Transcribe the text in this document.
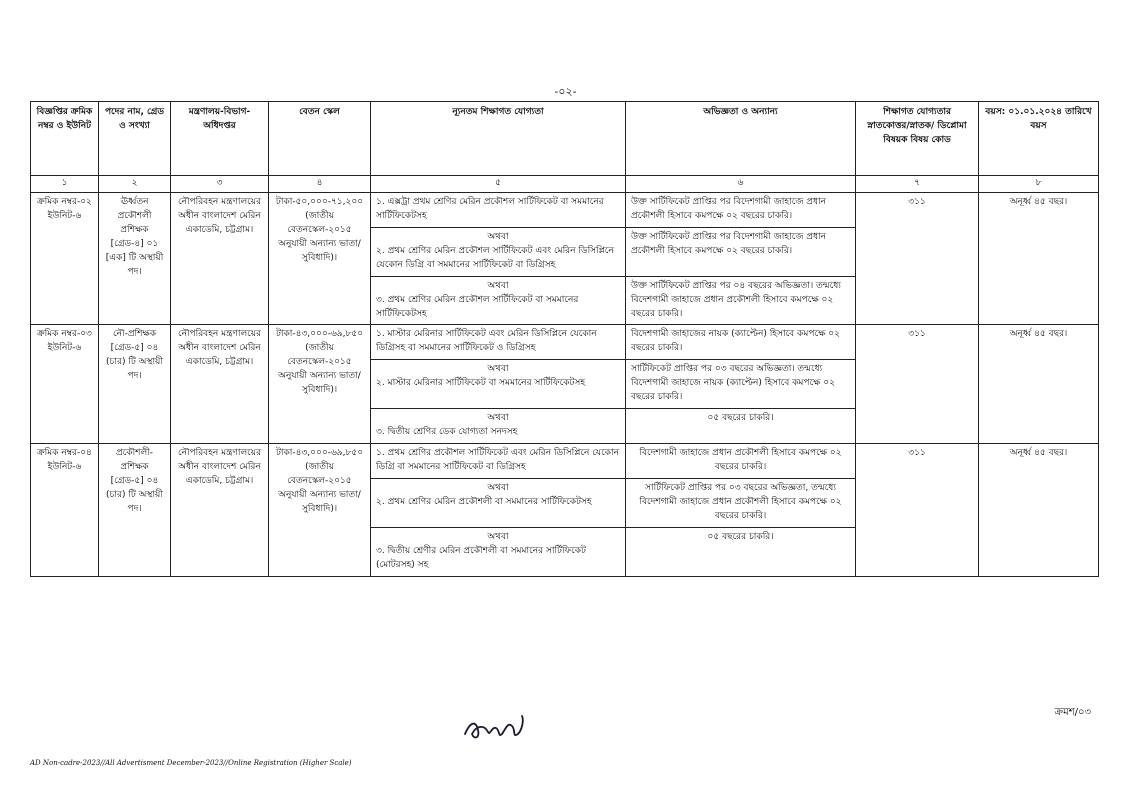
-০২-
বিজ্ঞপ্তির ক্রমিক নম্বর ও ইউনিট	পদের নাম, গ্রেড ও সংখ্যা	মন্ত্রণালয়-বিভাগ-অধিদপ্তর	বেতন স্কেল	ন্যূনতম শিক্ষাগত যোগ্যতা	অভিজ্ঞতা ও অন্যান্য	শিক্ষাগত যোগ্যতার স্নাতকোত্তর/স্নাতক/ ডিপ্লোমা বিষয়ক বিষয় কোড	বয়স: ০১.০১.২০২৪ তারিখে বয়স
১	২	৩	৪	৫	৬	৭	৮
ক্রমিক নম্বর-০২ ইউনিট-৬	ঊর্ধ্বতন প্রকৌশলী প্রশিক্ষক [গ্রেড-৪] ০১ [এক] টি অস্থায়ী পদ।	নৌপরিবহন মন্ত্রণালয়ের অধীন বাংলাদেশ মেরিন একাডেমি, চট্টগ্রাম।	টাকা-৫০,০০০-৭১,২০০ (জাতীয় বেতনস্কেল-২০১৫ অনুযায়ী অন্যান্য ভাতা/সুবিধাদি)।	১. এক্সট্রা প্রথম শ্রেণির মেরিন প্রকৌশল সার্টিফিকেট বা সমমানের সার্টিফিকেটসহ	উক্ত সার্টিফিকেট প্রাপ্তির পর বিদেশগামী জাহাজে প্রধান প্রকৌশলী হিসাবে কমপক্ষে ০২ বছরের চাকরি।	৩১১	অনূর্ধ্ব ৪৫ বছর।

				অথবা
২. প্রথম শ্রেণির মেরিন প্রকৌশল সার্টিফিকেট এবং মেরিন ডিসিপ্লিনে যেকোন ডিগ্রি বা সমমানের সার্টিফিকেট বা ডিগ্রিসহ	উক্ত সার্টিফিকেট প্রাপ্তির পর বিদেশগামী জাহাজে প্রধান প্রকৌশলী হিসাবে কমপক্ষে ০২ বছরের চাকরি।		

				অথবা
৩. প্রথম শ্রেণির মেরিন প্রকৌশল সার্টিফিকেট বা সমমানের সার্টিফিকেটসহ	উক্ত সার্টিফিকেট প্রাপ্তির পর ০৪ বছরের অভিজ্ঞতা। তন্মধ্যে বিদেশগামী জাহাজে প্রধান প্রকৌশলী হিসাবে কমপক্ষে ০২ বছরের চাকরি।		
ক্রমিক নম্বর-০৩ ইউনিট-৬	নৌ-প্রশিক্ষক [গ্রেড-৫] ০৪ (চার) টি অস্থায়ী পদ।	নৌপরিবহন মন্ত্রণালয়ের অধীন বাংলাদেশ মেরিন একাডেমি, চট্টগ্রাম।	টাকা-৪৩,০০০-৬৯,৮৫০ (জাতীয় বেতনস্কেল-২০১৫ অনুযায়ী অন্যান্য ভাতা/সুবিধাদি)।	১. মাস্টার মেরিনার সার্টিফিকেট এবং মেরিন ডিসিপ্লিনে যেকোন ডিগ্রিসহ বা সমমানের সার্টিফিকেট ও ডিগ্রিসহ	বিদেশগামী জাহাজের নায়ক (ক্যাপ্টেন) হিসাবে কমপক্ষে ০২ বছরের চাকরি।	৩১১	অনূর্ধ্ব ৪৫ বছর।

				অথবা
২. মাস্টার মেরিনার সার্টিফিকেট বা সমমানের সার্টিফিকেটসহ	সার্টিফিকেট প্রাপ্তির পর ০৩ বছরের অভিজ্ঞতা। তন্মধ্যে বিদেশগামী জাহাজে নায়ক (ক্যাপ্টেন) হিসাবে কমপক্ষে ০২ বছরের চাকরি।		

				অথবা
৩. দ্বিতীয় শ্রেণির ডেক যোগ্যতা সনদসহ	০৫ বছরের চাকরি।		
ক্রমিক নম্বর-০৪ ইউনিট-৬	প্রকৌশলী-প্রশিক্ষক [গ্রেড-৫] ০৪ (চার) টি অস্থায়ী পদ।	নৌপরিবহন মন্ত্রণালয়ের অধীন বাংলাদেশ মেরিন একাডেমি, চট্টগ্রাম।	টাকা-৪৩,০০০-৬৯,৮৫০ (জাতীয় বেতনস্কেল-২০১৫ অনুযায়ী অন্যান্য ভাতা/সুবিধাদি)।	১. প্রথম শ্রেণির প্রকৌশল সার্টিফিকেট এবং মেরিন ডিসিপ্লিনে যেকোন ডিগ্রি বা সমমানের সার্টিফিকেট বা ডিগ্রিসহ	বিদেশগামী জাহাজে প্রধান প্রকৌশলী হিসাবে কমপক্ষে ০২ বছরের চাকরি।	৩১১	অনূর্ধ্ব ৪৫ বছর।

				অথবা
২. প্রথম শ্রেণির মেরিন প্রকৌশলী বা সমমানের সার্টিফিকেটসহ	সার্টিফিকেট প্রাপ্তির পর ০৩ বছরের অভিজ্ঞতা, তন্মধ্যে বিদেশগামী জাহাজে প্রধান প্রকৌশলী হিসাবে কমপক্ষে ০২ বছরের চাকরি।		

				অথবা
৩. দ্বিতীয় শ্রেণীর মেরিন প্রকৌশলী বা সমমানের সার্টিফিকেট (মোটরসহ) সহ	০৫ বছরের চাকরি।		
ক্রমশ/০৩
AD Non-cadre-2023//All Advertisment December-2023//Online Registration (Higher Scale)
